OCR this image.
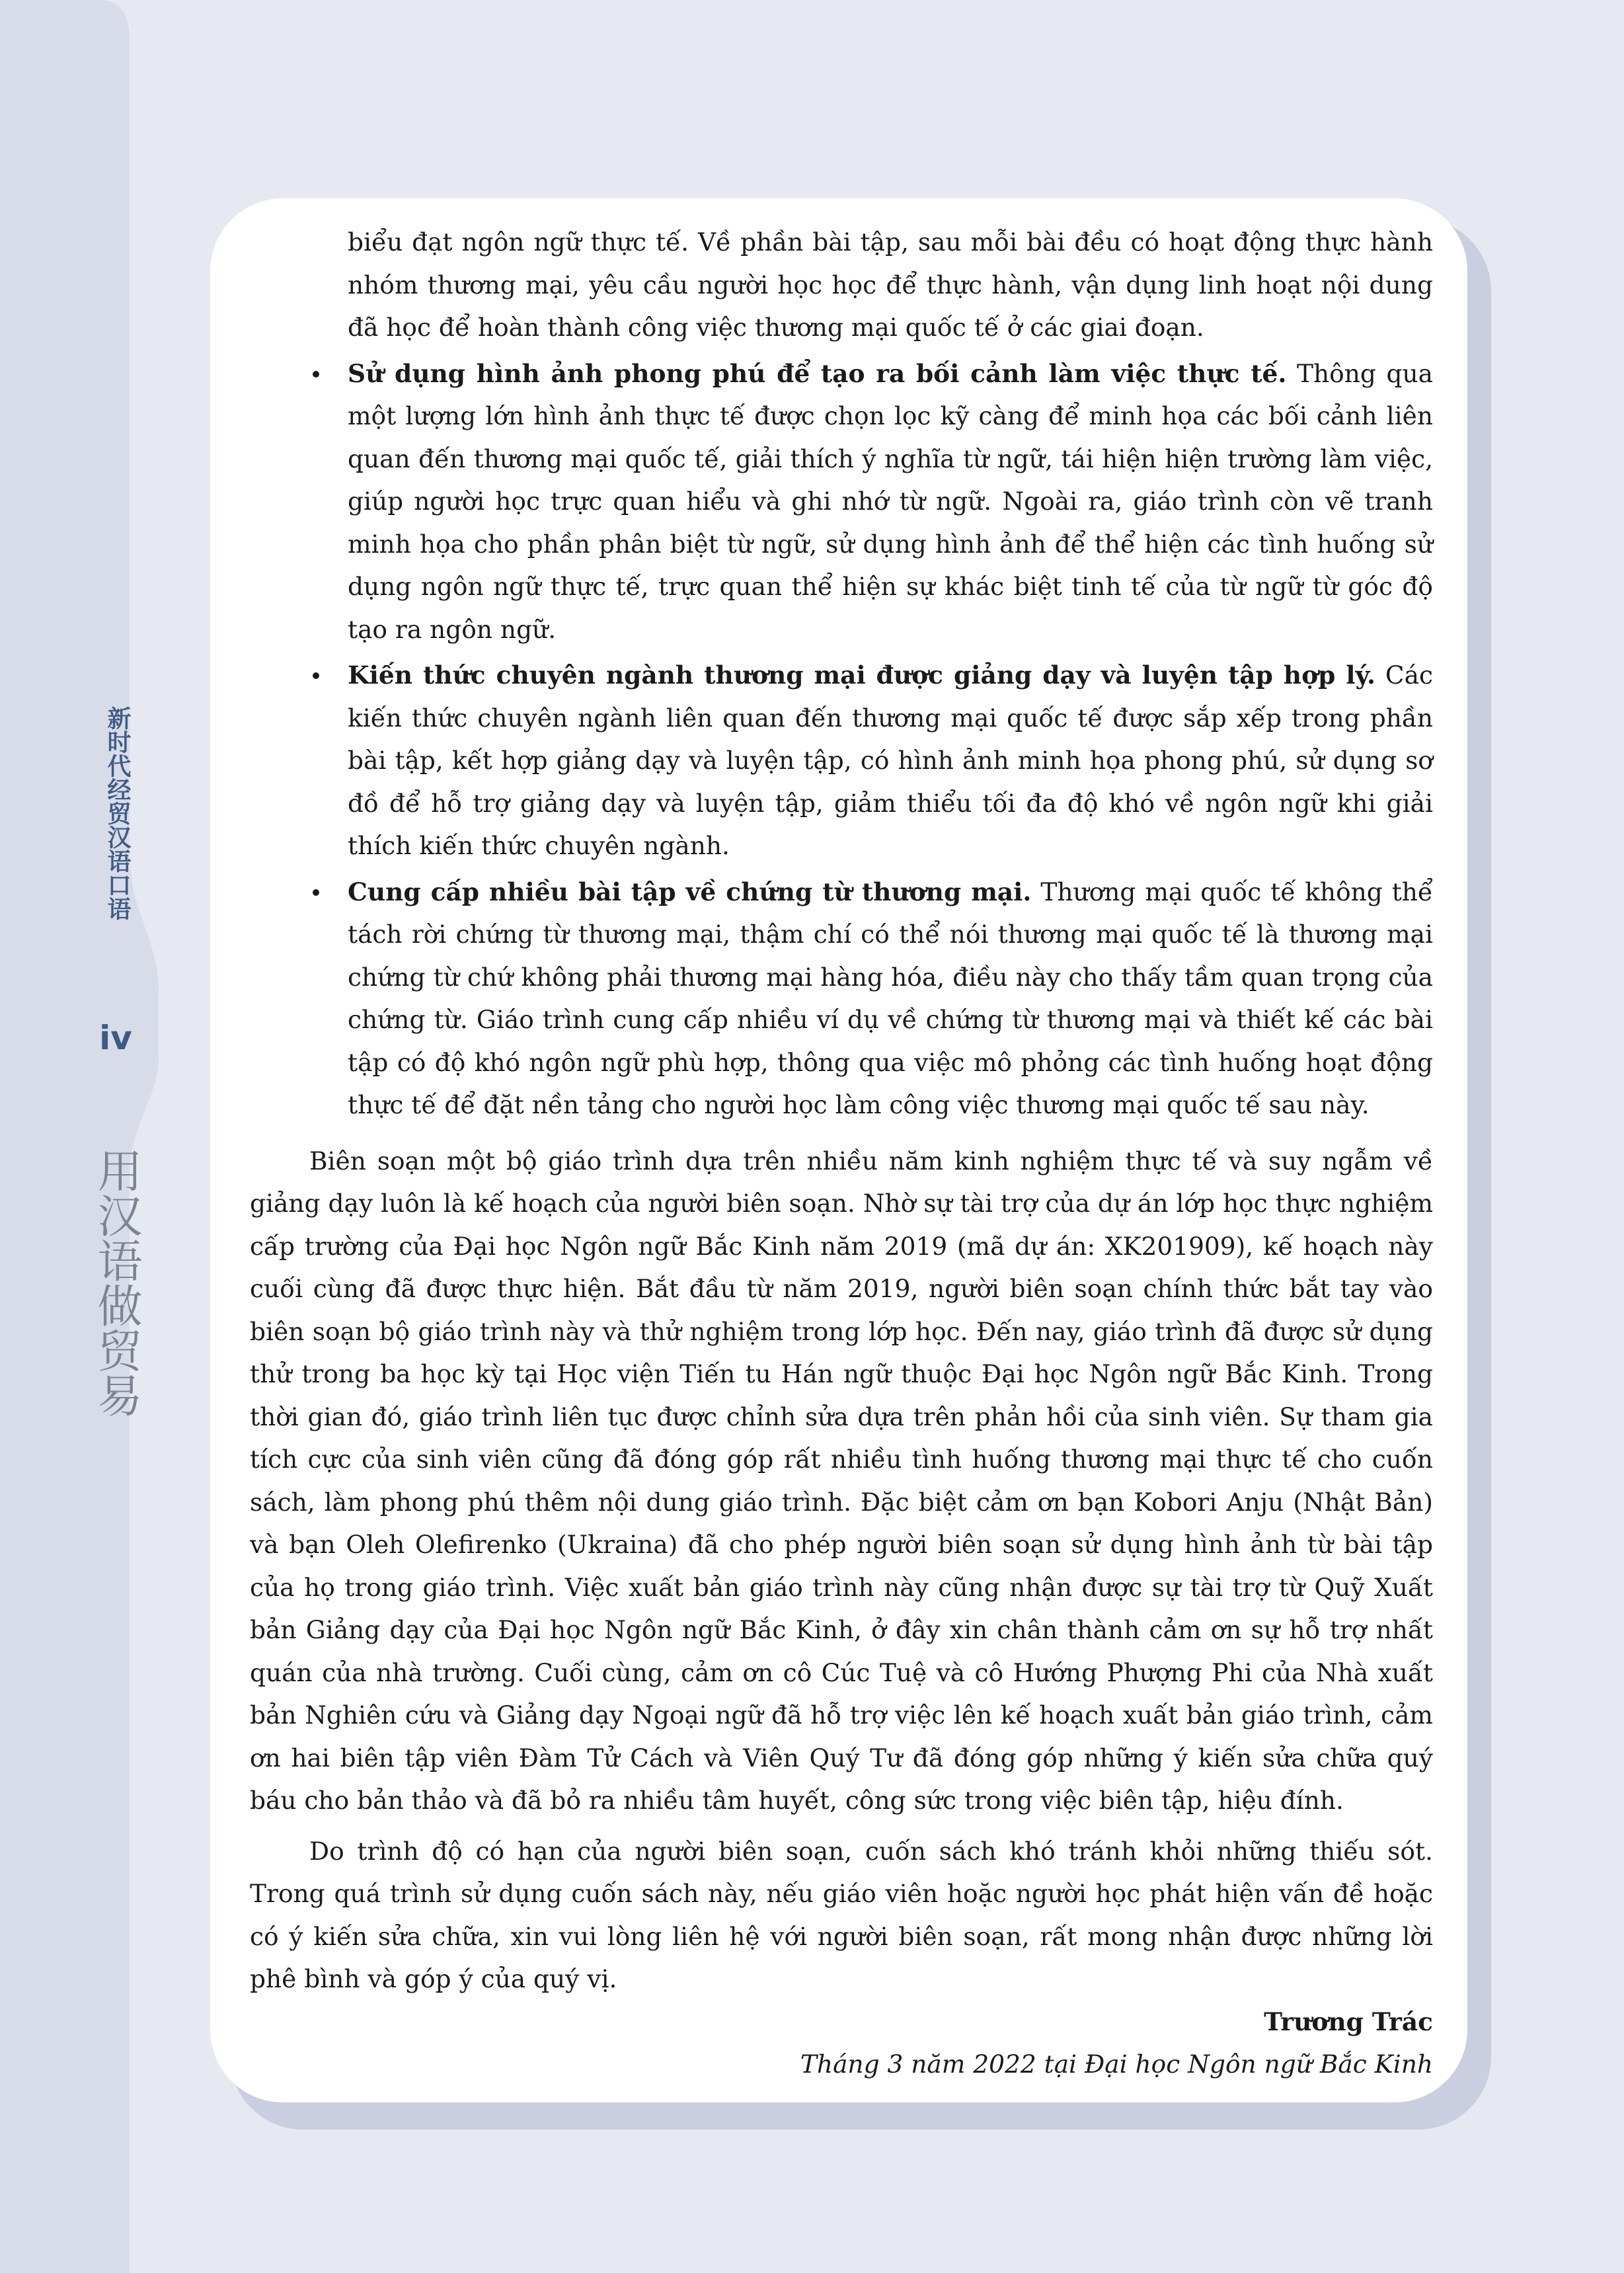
新时代经贸汉语口语
iv
用汉语做贸易

biểu đạt ngôn ngữ thực tế. Về phần bài tập, sau mỗi bài đều có hoạt động thực hành nhóm thương mại, yêu cầu người học học để thực hành, vận dụng linh hoạt nội dung đã học để hoàn thành công việc thương mại quốc tế ở các giai đoạn.

Sử dụng hình ảnh phong phú để tạo ra bối cảnh làm việc thực tế. Thông qua một lượng lớn hình ảnh thực tế được chọn lọc kỹ càng để minh họa các bối cảnh liên quan đến thương mại quốc tế, giải thích ý nghĩa từ ngữ, tái hiện hiện trường làm việc, giúp người học trực quan hiểu và ghi nhớ từ ngữ. Ngoài ra, giáo trình còn vẽ tranh minh họa cho phần phân biệt từ ngữ, sử dụng hình ảnh để thể hiện các tình huống sử dụng ngôn ngữ thực tế, trực quan thể hiện sự khác biệt tinh tế của từ ngữ từ góc độ tạo ra ngôn ngữ.
Kiến thức chuyên ngành thương mại được giảng dạy và luyện tập hợp lý. Các kiến thức chuyên ngành liên quan đến thương mại quốc tế được sắp xếp trong phần bài tập, kết hợp giảng dạy và luyện tập, có hình ảnh minh họa phong phú, sử dụng sơ đồ để hỗ trợ giảng dạy và luyện tập, giảm thiểu tối đa độ khó về ngôn ngữ khi giải thích kiến thức chuyên ngành.
Cung cấp nhiều bài tập về chứng từ thương mại. Thương mại quốc tế không thể tách rời chứng từ thương mại, thậm chí có thể nói thương mại quốc tế là thương mại chứng từ chứ không phải thương mại hàng hóa, điều này cho thấy tầm quan trọng của chứng từ. Giáo trình cung cấp nhiều ví dụ về chứng từ thương mại và thiết kế các bài tập có độ khó ngôn ngữ phù hợp, thông qua việc mô phỏng các tình huống hoạt động thực tế để đặt nền tảng cho người học làm công việc thương mại quốc tế sau này.

Biên soạn một bộ giáo trình dựa trên nhiều năm kinh nghiệm thực tế và suy ngẫm về giảng dạy luôn là kế hoạch của người biên soạn. Nhờ sự tài trợ của dự án lớp học thực nghiệm cấp trường của Đại học Ngôn ngữ Bắc Kinh năm 2019 (mã dự án: XK201909), kế hoạch này cuối cùng đã được thực hiện. Bắt đầu từ năm 2019, người biên soạn chính thức bắt tay vào biên soạn bộ giáo trình này và thử nghiệm trong lớp học. Đến nay, giáo trình đã được sử dụng thử trong ba học kỳ tại Học viện Tiến tu Hán ngữ thuộc Đại học Ngôn ngữ Bắc Kinh. Trong thời gian đó, giáo trình liên tục được chỉnh sửa dựa trên phản hồi của sinh viên. Sự tham gia tích cực của sinh viên cũng đã đóng góp rất nhiều tình huống thương mại thực tế cho cuốn sách, làm phong phú thêm nội dung giáo trình. Đặc biệt cảm ơn bạn Kobori Anju (Nhật Bản) và bạn Oleh Olefirenko (Ukraina) đã cho phép người biên soạn sử dụng hình ảnh từ bài tập của họ trong giáo trình. Việc xuất bản giáo trình này cũng nhận được sự tài trợ từ Quỹ Xuất bản Giảng dạy của Đại học Ngôn ngữ Bắc Kinh, ở đây xin chân thành cảm ơn sự hỗ trợ nhất quán của nhà trường. Cuối cùng, cảm ơn cô Cúc Tuệ và cô Hướng Phượng Phi của Nhà xuất bản Nghiên cứu và Giảng dạy Ngoại ngữ đã hỗ trợ việc lên kế hoạch xuất bản giáo trình, cảm ơn hai biên tập viên Đàm Tử Cách và Viên Quý Tư đã đóng góp những ý kiến sửa chữa quý báu cho bản thảo và đã bỏ ra nhiều tâm huyết, công sức trong việc biên tập, hiệu đính.

Do trình độ có hạn của người biên soạn, cuốn sách khó tránh khỏi những thiếu sót. Trong quá trình sử dụng cuốn sách này, nếu giáo viên hoặc người học phát hiện vấn đề hoặc có ý kiến sửa chữa, xin vui lòng liên hệ với người biên soạn, rất mong nhận được những lời phê bình và góp ý của quý vị.

Trương Trác

Tháng 3 năm 2022 tại Đại học Ngôn ngữ Bắc Kinh
